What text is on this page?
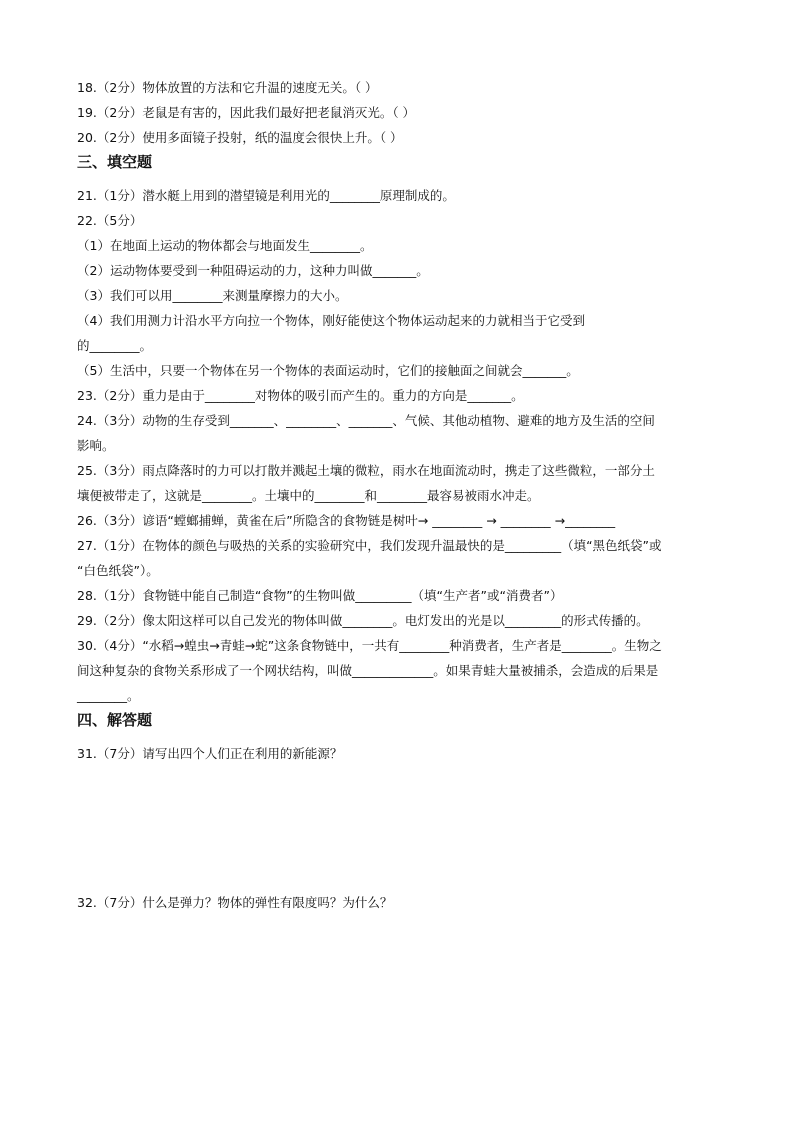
18.（2分）物体放置的方法和它升温的速度无关。（ ）
19.（2分）老鼠是有害的，因此我们最好把老鼠消灭光。（ ）
20.（2分）使用多面镜子投射，纸的温度会很快上升。（ ）
三、填空题
21.（1分）潜水艇上用到的潜望镜是利用光的________原理制成的。
22.（5分）
（1）在地面上运动的物体都会与地面发生________。
（2）运动物体要受到一种阻碍运动的力，这种力叫做_______。
（3）我们可以用________来测量摩擦力的大小。
（4）我们用测力计沿水平方向拉一个物体，刚好能使这个物体运动起来的力就相当于它受到
的________。
（5）生活中，只要一个物体在另一个物体的表面运动时，它们的接触面之间就会_______。
23.（2分）重力是由于________对物体的吸引而产生的。重力的方向是_______。
24.（3分）动物的生存受到_______、________、_______、气候、其他动植物、避难的地方及生活的空间
影响。
25.（3分）雨点降落时的力可以打散并溅起土壤的微粒，雨水在地面流动时，携走了这些微粒，一部分土
壤便被带走了，这就是________。土壤中的________和________最容易被雨水冲走。
26.（3分）谚语“螳螂捕蝉，黄雀在后”所隐含的食物链是树叶→ ________ → ________ →________
27.（1分）在物体的颜色与吸热的关系的实验研究中，我们发现升温最快的是_________（填“黑色纸袋”或
“白色纸袋”）。
28.（1分）食物链中能自己制造“食物”的生物叫做_________（填“生产者”或“消费者”）
29.（2分）像太阳这样可以自己发光的物体叫做________。电灯发出的光是以_________的形式传播的。
30.（4分）“水稻→蝗虫→青蛙→蛇”这条食物链中，一共有________种消费者，生产者是________。生物之
间这种复杂的食物关系形成了一个网状结构，叫做_____________。如果青蛙大量被捕杀，会造成的后果是
________。
四、解答题
31.（7分）请写出四个人们正在利用的新能源？
32.（7分）什么是弹力？物体的弹性有限度吗？为什么？
